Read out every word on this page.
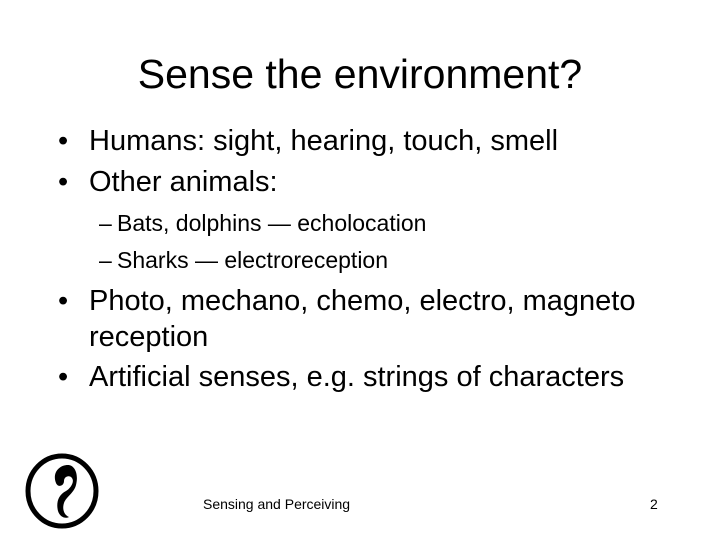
Sense the environment?
• Humans: sight, hearing, touch, smell
• Other animals:
– Bats, dolphins — echolocation
– Sharks — electroreception
• Photo, mechano, chemo, electro, magneto reception
• Artificial senses, e.g. strings of characters
Sensing and Perceiving	2
